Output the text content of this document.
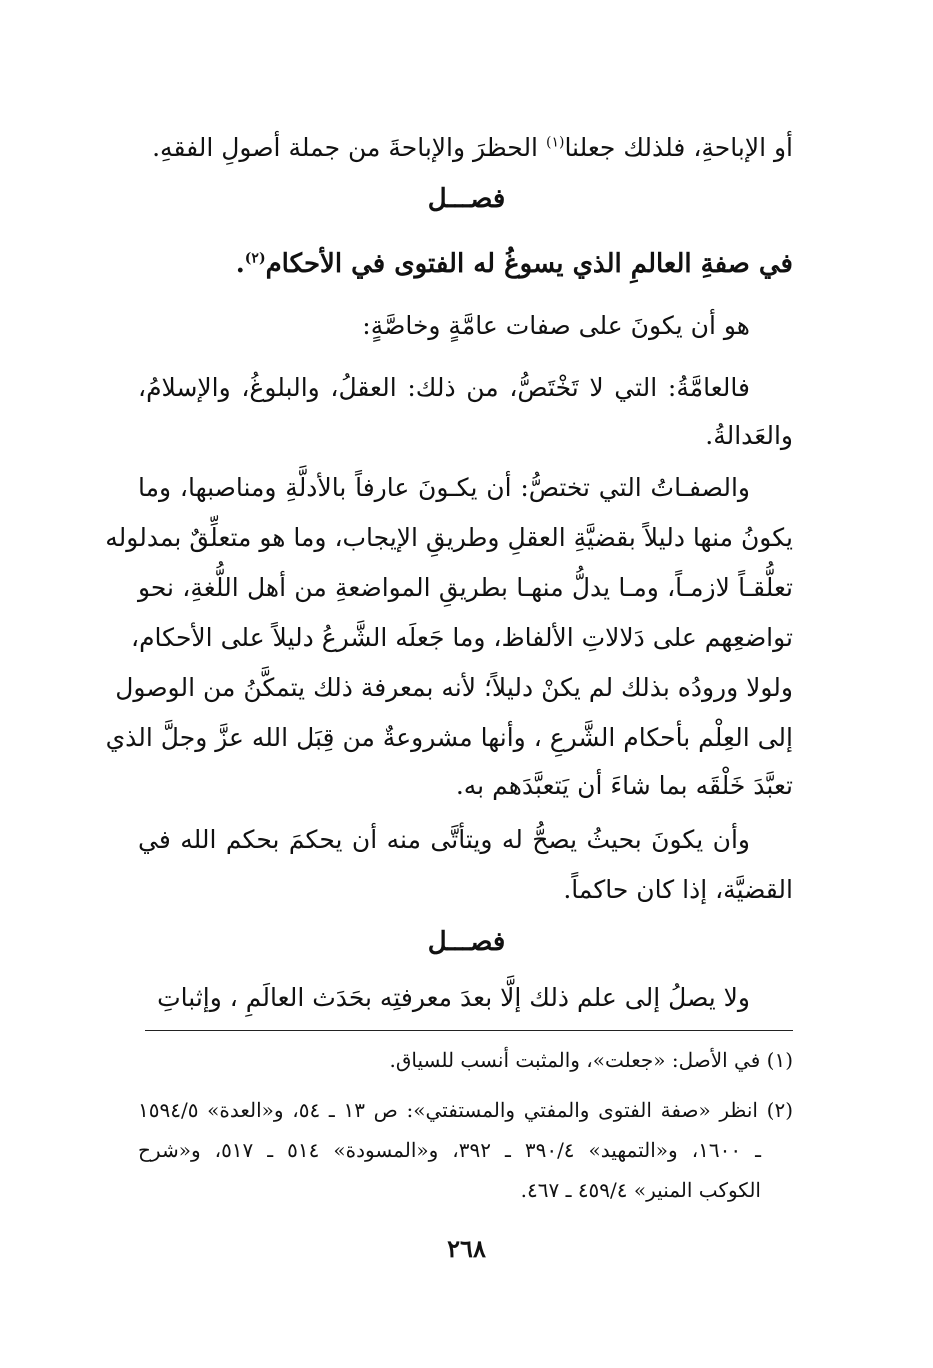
أو الإباحةِ، فلذلك جعلنا$^{(١)}$ الحظرَ والإباحةَ من جملة أصولِ الفقهِ.
فصـــل
في صفةِ العالمِ الذي يسوغُ له الفتوى في الأحكام$^{(٢)}$.
هو أن يكونَ على صفات عامَّةٍ وخاصَّةٍ:
فالعامَّةُ: التي لا تَخْتَصُّ، من ذلك: العقلُ، والبلوغُ، والإسلامُ،
والعَدالةُ.
والصفـاتُ التي تختصُّ: أن يكـونَ عارفاً بالأدلَّةِ ومناصبها، وما
يكونُ منها دليلاً بقضيَّةِ العقلِ وطريقِ الإيجاب، وما هو متعلِّقٌ بمدلوله
تعلُّقـاً لازمـاً، ومـا يدلُّ منهـا بطريقِ المواضعةِ من أهل اللُّغةِ، نحو
تواضعِهم على دَلالاتِ الألفاظ، وما جَعلَه الشَّرعُ دليلاً على الأحكام،
ولولا ورودُه بذلك لم يكنْ دليلاً؛ لأنه بمعرفة ذلك يتمكَّنُ من الوصول
إلى العِلْم بأحكام الشَّرعِ ، وأنها مشروعةٌ من قِبَل الله عزَّ وجلَّ الذي
تعبَّدَ خَلْقَه بما شاءَ أن يَتعبَّدَهم به.
وأن يكونَ بحيثُ يصحُّ له ويتأتَّى منه أن يحكمَ بحكم الله في
القضيَّة، إذا كان حاكماً.
فصـــل
ولا يصلُ إلى علم ذلك إلَّا بعدَ معرفتِه بحَدَث العالَمِ ، وإثباتِ
(١) في الأصل: «جعلت»، والمثبت أنسب للسياق.
(٢) انظر «صفة الفتوى والمفتي والمستفتي»: ص ١٣ ـ ٥٤، و«العدة» ١٥٩٤/٥
ـ ١٦٠٠، و«التمهيد» ٣٩٠/٤ ـ ٣٩٢، و«المسودة» ٥١٤ ـ ٥١٧، و«شرح
الكوكب المنير» ٤٥٩/٤ ـ ٤٦٧.
٢٦٨
